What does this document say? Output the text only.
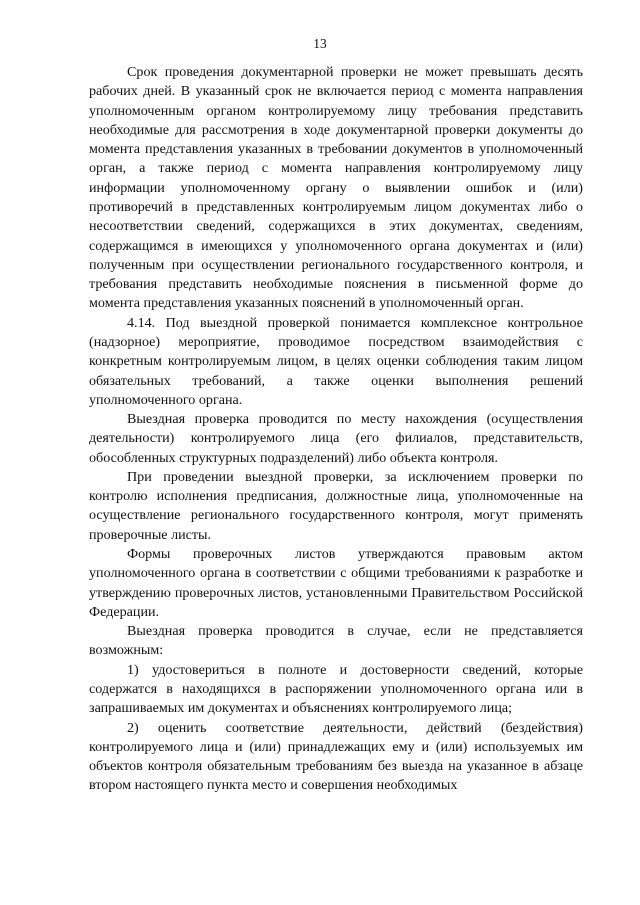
13

Срок проведения документарной проверки не может превышать десять рабочих дней. В указанный срок не включается период с момента направления уполномоченным органом контролируемому лицу требования представить необходимые для рассмотрения в ходе документарной проверки документы до момента представления указанных в требовании документов в уполномоченный орган, а также период с момента направления контролируемому лицу информации уполномоченному органу о выявлении ошибок и (или) противоречий в представленных контролируемым лицом документах либо о несоответствии сведений, содержащихся в этих документах, сведениям, содержащимся в имеющихся у уполномоченного органа документах и (или) полученным при осуществлении регионального государственного контроля, и требования представить необходимые пояснения в письменной форме до момента представления указанных пояснений в уполномоченный орган.

4.14. Под выездной проверкой понимается комплексное контрольное (надзорное) мероприятие, проводимое посредством взаимодействия с конкретным контролируемым лицом, в целях оценки соблюдения таким лицом обязательных требований, а также оценки выполнения решений уполномоченного органа.

Выездная проверка проводится по месту нахождения (осуществления деятельности) контролируемого лица (его филиалов, представительств, обособленных структурных подразделений) либо объекта контроля.

При проведении выездной проверки, за исключением проверки по контролю исполнения предписания, должностные лица, уполномоченные на осуществление регионального государственного контроля, могут применять проверочные листы.

Формы проверочных листов утверждаются правовым актом уполномоченного органа в соответствии с общими требованиями к разработке и утверждению проверочных листов, установленными Правительством Российской Федерации.

Выездная проверка проводится в случае, если не представляется возможным:

1) удостовериться в полноте и достоверности сведений, которые содержатся в находящихся в распоряжении уполномоченного органа или в запрашиваемых им документах и объяснениях контролируемого лица;

2) оценить соответствие деятельности, действий (бездействия) контролируемого лица и (или) принадлежащих ему и (или) используемых им объектов контроля обязательным требованиям без выезда на указанное в абзаце втором настоящего пункта место и совершения необходимых
